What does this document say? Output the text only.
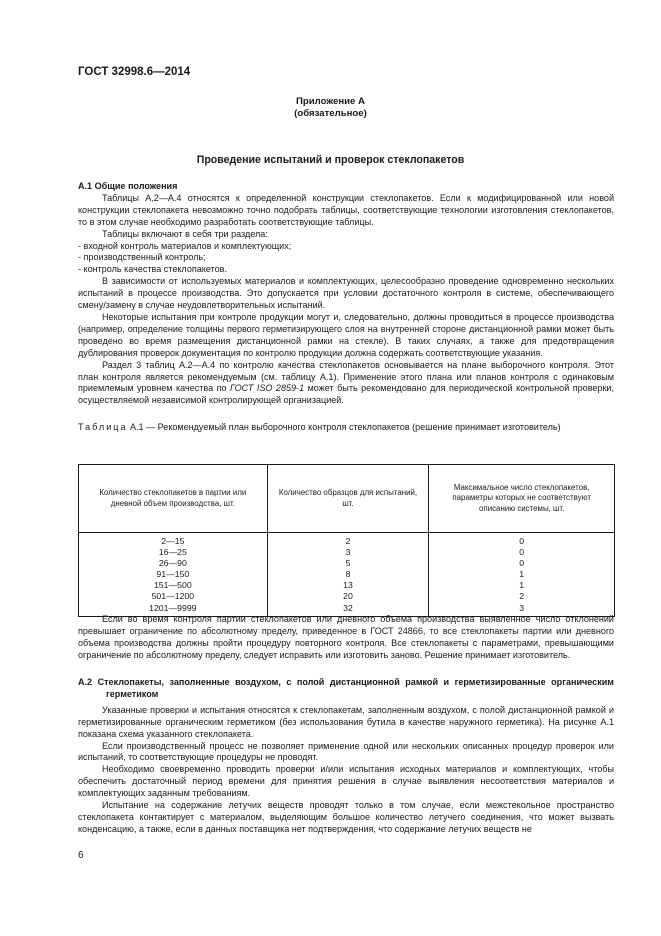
ГОСТ 32998.6—2014
Приложение А
(обязательное)
Проведение испытаний и проверок стеклопакетов
А.1 Общие положения

Таблицы А.2—А.4 относятся к определенной конструкции стеклопакетов. Если к модифицированной или новой конструкции стеклопакета невозможно точно подобрать таблицы, соответствующие технологии изготовления стеклопакетов, то в этом случае необходимо разработать соответствующие таблицы.

Таблицы включают в себя три раздела:

- входной контроль материалов и комплектующих;

- производственный контроль;

- контроль качества стеклопакетов.

В зависимости от используемых материалов и комплектующих, целесообразно проведение одновременно нескольких испытаний в процессе производства. Это допускается при условии достаточного контроля в системе, обеспечивающего смену/замену в случае неудовлетворительных испытаний.

Некоторые испытания при контроле продукции могут и, следовательно, должны проводиться в процессе производства (например, определение толщины первого герметизирующего слоя на внутренней стороне дистанционной рамки может быть проведено во время размещения дистанционной рамки на стекле). В таких случаях, а также для предотвращения дублирования проверок документация по контролю продукции должна содержать соответствующие указания.

Раздел 3 таблиц А.2—А.4 по контролю качества стеклопакетов основывается на плане выборочного контроля. Этот план контроля является рекомендуемым (см. таблицу А.1). Применение этого плана или планов контроля с одинаковым приемлемым уровнем качества по ГОСТ ISO 2859-1 может быть рекомендовано для периодической контрольной проверки, осуществляемой независимой контролирующей организацией.

Таблица А.1 — Рекомендуемый план выборочного контроля стеклопакетов (решение принимает изготовитель)

Количество стеклопакетов в партии или дневной объем производства, шт.	Количество образцов для испытаний, шт.	Максимальное число стеклопакетов, параметры которых не соответствуют описанию системы, шт.
2—15	2	0
16—25	3	0
26—90	5	0
91—150	8	1
151—500	13	1
501—1200	20	2
1201—9999	32	3

Если во время контроля партии стеклопакетов или дневного объема производства выявленное число отклонений превышает ограничение по абсолютному пределу, приведенное в ГОСТ 24866, то все стеклопакеты партии или дневного объема производства должны пройти процедуру повторного контроля. Все стеклопакеты с параметрами, превышающими ограничение по абсолютному пределу, следует исправить или изготовить заново. Решение принимает изготовитель.

А.2 Стеклопакеты, заполненные воздухом, с полой дистанционной рамкой и герметизированные органическим герметиком

Указанные проверки и испытания относятся к стеклопакетам, заполненным воздухом, с полой дистанционной рамкой и герметизированные органическим герметиком (без использования бутила в качестве наружного герметика). На рисунке А.1 показана схема указанного стеклопакета.

Если производственный процесс не позволяет применение одной или нескольких описанных процедур проверок или испытаний, то соответствующие процедуры не проводят.

Необходимо своевременно проводить проверки и/или испытания исходных материалов и комплектующих, чтобы обеспечить достаточный период времени для принятия решения в случае выявления несоответствия материалов и комплектующих заданным требованиям.

Испытание на содержание летучих веществ проводят только в том случае, если межстекольное пространство стеклопакета контактирует с материалом, выделяющим большое количество летучего соединения, что может вызвать конденсацию, а также, если в данных поставщика нет подтверждения, что содержание летучих веществ не

6
